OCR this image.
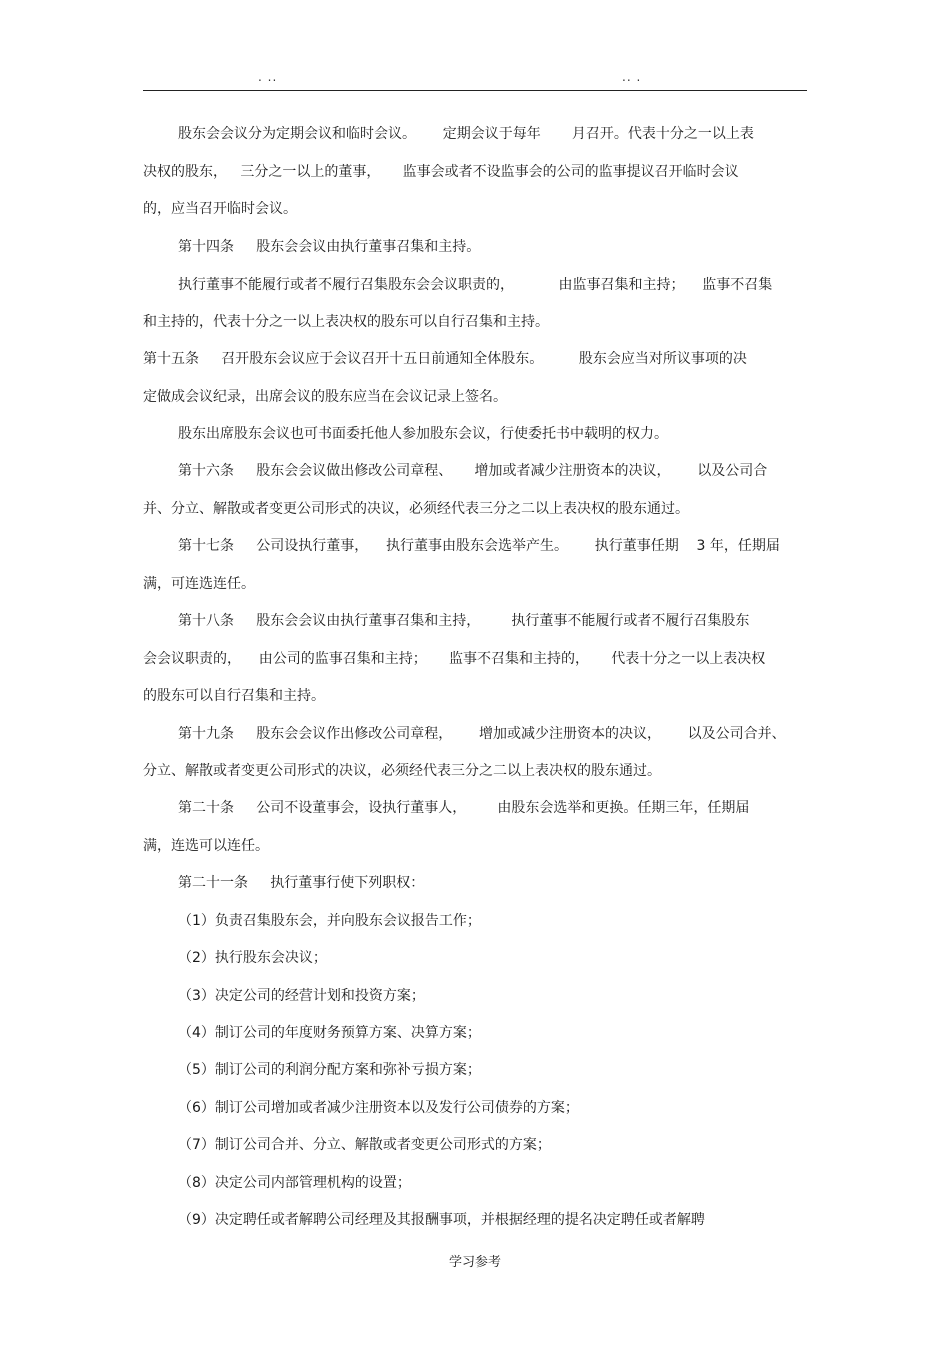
. ..	.. .
股东会会议分为定期会议和临时会议。      定期会议于每年       月召开。代表十分之一以上表
决权的股东，   三分之一以上的董事，     监事会或者不设监事会的公司的监事提议召开临时会议
的，应当召开临时会议。
第十四条     股东会会议由执行董事召集和主持。
执行董事不能履行或者不履行召集股东会会议职责的，          由监事召集和主持；    监事不召集
和主持的，代表十分之一以上表决权的股东可以自行召集和主持。
第十五条     召开股东会议应于会议召开十五日前通知全体股东。        股东会应当对所议事项的决
定做成会议纪录，出席会议的股东应当在会议记录上签名。
股东出席股东会议也可书面委托他人参加股东会议，行使委托书中载明的权力。
第十六条     股东会会议做出修改公司章程、     增加或者减少注册资本的决议，      以及公司合
并、分立、解散或者变更公司形式的决议，必须经代表三分之二以上表决权的股东通过。
第十七条     公司设执行董事，    执行董事由股东会选举产生。      执行董事任期    3 年，任期届
满，可连选连任。
第十八条     股东会会议由执行董事召集和主持，       执行董事不能履行或者不履行召集股东
会会议职责的，    由公司的监事召集和主持；     监事不召集和主持的，     代表十分之一以上表决权
的股东可以自行召集和主持。
第十九条     股东会会议作出修改公司章程，      增加或减少注册资本的决议，      以及公司合并、
分立、解散或者变更公司形式的决议，必须经代表三分之二以上表决权的股东通过。
第二十条     公司不设董事会，设执行董事人，       由股东会选举和更换。任期三年，任期届
满，连选可以连任。
第二十一条     执行董事行使下列职权：
（1）负责召集股东会，并向股东会议报告工作；
（2）执行股东会决议；
（3）决定公司的经营计划和投资方案；
（4）制订公司的年度财务预算方案、决算方案；
（5）制订公司的利润分配方案和弥补亏损方案；
（6）制订公司增加或者减少注册资本以及发行公司债券的方案；
（7）制订公司合并、分立、解散或者变更公司形式的方案；
（8）决定公司内部管理机构的设置；
（9）决定聘任或者解聘公司经理及其报酬事项，并根据经理的提名决定聘任或者解聘
学习参考
